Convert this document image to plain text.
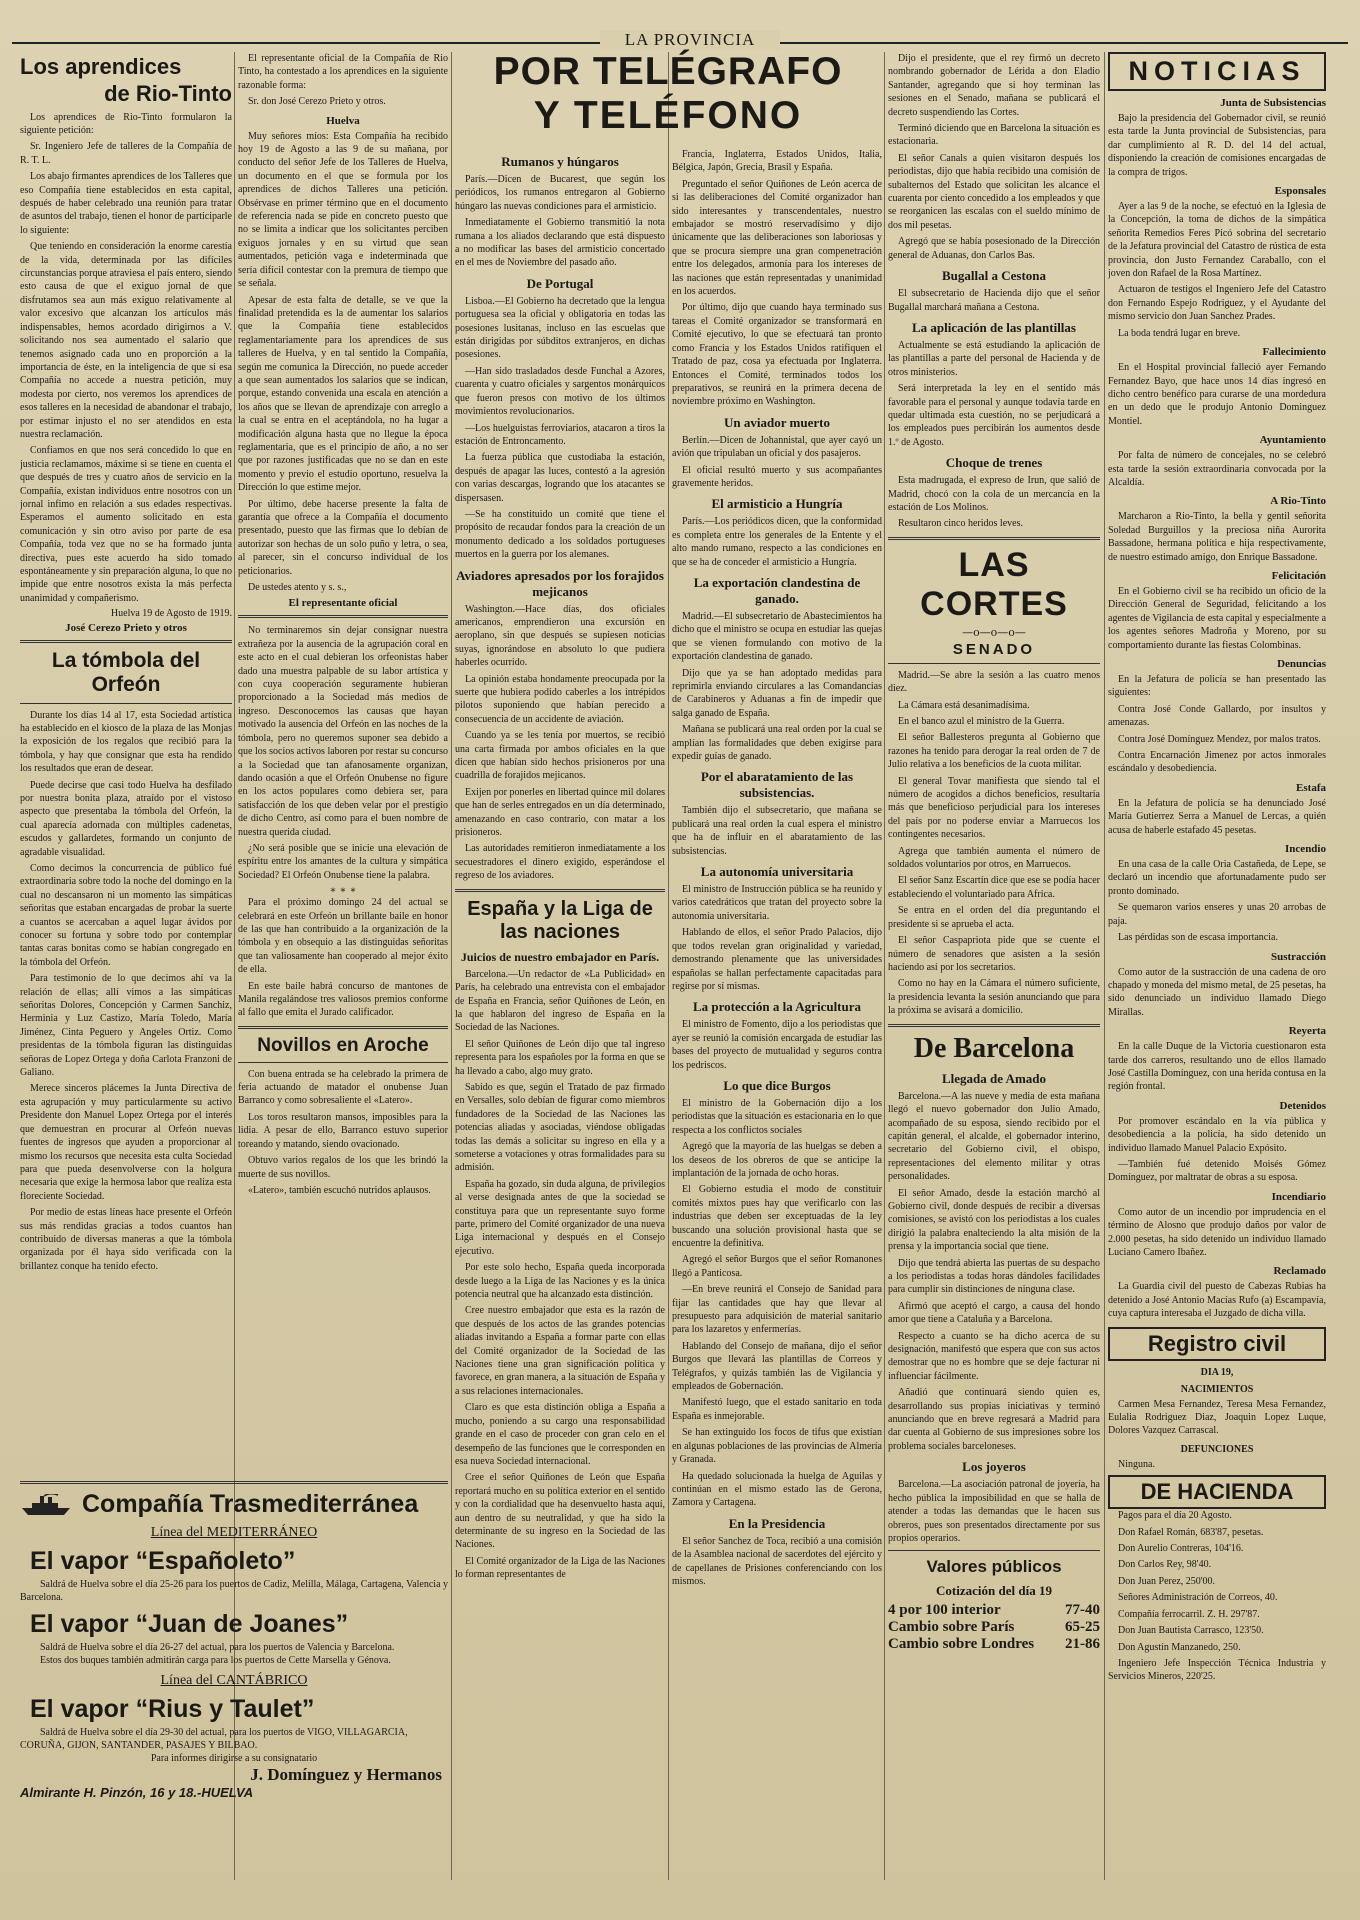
LA PROVINCIA
Los aprendices
de Rio-Tinto

Los aprendices de Rio-Tinto formularon la siguiente petición:

Sr. Ingeniero Jefe de talleres de la Compañía de R. T. L.

Los abajo firmantes aprendices de los Talleres que eso Compañía tiene establecidos en esta capital, después de haber celebrado una reunión para tratar de asuntos del trabajo, tienen el honor de participarle lo siguiente:

Que teniendo en consideración la enorme carestía de la vida, determinada por las difíciles circunstancias porque atraviesa el país entero, siendo esto causa de que el exiguo jornal de que disfrutamos sea aun más exiguo relativamente al valor excesivo que alcanzan los artículos más indispensables, hemos acordado dirigirnos a V. solicitando nos sea aumentado el salario que tenemos asignado cada uno en proporción a la importancia de éste, en la inteligencia de que si esa Compañía no accede a nuestra petición, muy modesta por cierto, nos veremos los aprendices de esos talleres en la necesidad de abandonar el trabajo, por estimar injusto el no ser atendidos en esta nuestra reclamación.

Confiamos en que nos será concedido lo que en justicia reclamamos, máxime si se tiene en cuenta el que después de tres y cuatro años de servicio en la Compañía, existan individuos entre nosotros con un jornal infimo en relación a sus edades respectivas. Esperamos el aumento solicitado en esta comunicación y sin otro aviso por parte de esa Compañía, toda vez que no se ha formado junta directiva, pues este acuerdo ha sido tomado espontáneamente y sin preparación alguna, lo que no impide que entre nosotros exista la más perfecta unanimidad y compañerismo.

Huelva 19 de Agosto de 1919.
José Cerezo Prieto y otros
La tómbola del Orfeón

Durante los días 14 al 17, esta Sociedad artística ha establecido en el kiosco de la plaza de las Monjas la exposición de los regalos que recibió para la tómbola, y hay que consignar que esta ha rendido los resultados que eran de desear.

Puede decirse que casi todo Huelva ha desfilado por nuestra bonita plaza, atraído por el vistoso aspecto que presentaba la tómbola del Orfeón, la cual aparecía adornada con múltiples cadenetas, escudos y gallardetes, formando un conjunto de agradable visualidad.

Como decimos la concurrencia de público fué extraordinaria sobre todo la noche del domingo en la cual no descansaron ni un momento las simpáticas señoritas que estaban encargadas de probar la suerte a cuantos se acercaban a aquel lugar ávidos por conocer su fortuna y sobre todo por contemplar tantas caras bonitas como se habían congregado en la tómbola del Orfeón.

Para testimonio de lo que decimos ahí va la relación de ellas; allí vimos a las simpáticas señoritas Dolores, Concepción y Carmen Sanchiz, Herminia y Luz Castizo, María Toledo, María Jiménez, Cinta Peguero y Angeles Ortiz. Como presidentas de la tómbola figuran las distinguidas señoras de Lopez Ortega y doña Carlota Franzoni de Galiano.

Merece sinceros plácemes la Junta Directiva de esta agrupación y muy particularmente su activo Presidente don Manuel Lopez Ortega por el interés que demuestran en procurar al Orfeón nuevas fuentes de ingresos que ayuden a proporcionar al mismo los recursos que necesita esta culta Sociedad para que pueda desenvolverse con la holgura necesaria que exige la hermosa labor que realiza esta floreciente Sociedad.

Por medio de estas líneas hace presente el Orfeón sus más rendidas gracias a todos cuantos han contribuido de diversas maneras a que la tómbola organizada por él haya sido verificada con la brillantez conque ha tenido efecto.

El representante oficial de la Compañía de Rio Tinto, ha contestado a los aprendices en la siguiente razonable forma:

Sr. don José Cerezo Prieto y otros.

Huelva

Muy señores míos: Esta Compañía ha recibido hoy 19 de Agosto a las 9 de su mañana, por conducto del señor Jefe de los Talleres de Huelva, un documento en el que se formula por los aprendices de dichos Talleres una petición. Obsérvase en primer término que en el documento de referencia nada se pide en concreto puesto que no se limita a indicar que los solicitantes perciben exiguos jornales y en su virtud que sean aumentados, petición vaga e indeterminada que sería difícil contestar con la premura de tiempo que se señala.

Apesar de esta falta de detalle, se ve que la finalidad pretendida es la de aumentar los salarios que la Compañía tiene establecidos reglamentariamente para los aprendices de sus talleres de Huelva, y en tal sentido la Compañía, según me comunica la Dirección, no puede acceder a que sean aumentados los salarios que se indican, porque, estando convenida una escala en atención a los años que se llevan de aprendizaje con arreglo a la cual se entra en el aceptándola, no ha lugar a modificación alguna hasta que no llegue la época reglamentaria, que es el principio de año, a no ser que por razones justificadas que no se dan en este momento y previo el estudio oportuno, resuelva la Dirección lo que estime mejor.

Por último, debe hacerse presente la falta de garantía que ofrece a la Compañía el documento presentado, puesto que las firmas que lo debían de autorizar son hechas de un solo puño y letra, o sea, al parecer, sin el concurso individual de los peticionarios.

De ustedes atento y s. s.,

El representante oficial

No terminaremos sin dejar consignar nuestra extrañeza por la ausencia de la agrupación coral en este acto en el cual debieran los orfeonistas haber dado una muestra palpable de su labor artística y con cuya cooperación seguramente hubieran proporcionado a la Sociedad más medios de ingreso. Desconocemos las causas que hayan motivado la ausencia del Orfeón en las noches de la tómbola, pero no queremos suponer sea debido a que los socios activos laboren por restar su concurso a la Sociedad que tan afanosamente organizan, dando ocasión a que el Orfeón Onubense no figure en los actos populares como debiera ser, para satisfacción de los que deben velar por el prestigio de dicho Centro, así como para el buen nombre de nuestra querida ciudad.

¿No será posible que se inicie una elevación de espíritu entre los amantes de la cultura y simpática Sociedad? El Orfeón Onubense tiene la palabra.

∗ ∗ ∗

Para el próximo domingo 24 del actual se celebrará en este Orfeón un brillante baile en honor de las que han contribuido a la organización de la tómbola y en obsequio a las distinguidas señoritas que tan valiosamente han cooperado al mejor éxito de ella.

En este baile habrá concurso de mantones de Manila regalándose tres valiosos premios conforme al fallo que emita el Jurado calificador.

Novillos en Aroche

Con buena entrada se ha celebrado la primera de feria actuando de matador el onubense Juan Barranco y como sobresaliente el «Latero».

Los toros resultaron mansos, imposibles para la lidia. A pesar de ello, Barranco estuvo superior toreando y matando, siendo ovacionado.

Obtuvo varios regalos de los que les brindó la muerte de sus novillos.

«Latero», también escuchó nutridos aplausos.

Compañía Trasmediterránea
Línea del MEDITERRÁNEO
El vapor “Españoleto”
Saldrá de Huelva sobre el día 25-26 para los puertos de Cadiz, Melilla, Málaga, Cartagena, Valencia y Barcelona.
El vapor “Juan de Joanes”
Saldrá de Huelva sobre el día 26-27 del actual, para los puertos de Valencia y Barcelona.
Estos dos buques también admitirán carga para los puertos de Cette Marsella y Génova.
Línea del CANTÁBRICO
El vapor “Rius y Taulet”
Saldrá de Huelva sobre el día 29-30 del actual, para los puertos de VIGO, VILLAGARCIA, CORUÑA, GIJON, SANTANDER, PASAJES Y BILBAO.
Para informes dirigirse a su consignatario
J. Domínguez y Hermanos
Almirante H. Pinzón, 16 y 18.-HUELVA
POR TELÉGRAFO
Y TELÉFONO
Rumanos y húngaros

París.—Dicen de Bucarest, que según los periódicos, los rumanos entregaron al Gobierno húngaro las nuevas condiciones para el armisticio.

Inmediatamente el Gobierno transmitió la nota rumana a los aliados declarando que está dispuesto a no modificar las bases del armisticio concertado en el mes de Noviembre del pasado año.

De Portugal

Lisboa.—El Gobierno ha decretado que la lengua portuguesa sea la oficial y obligatoria en todas las posesiones lusitanas, incluso en las escuelas que están dirigidas por súbditos extranjeros, en dichas posesiones.

—Han sido trasladados desde Funchal a Azores, cuarenta y cuatro oficiales y sargentos monárquicos que fueron presos con motivo de los últimos movimientos revolucionarios.

—Los huelguistas ferroviarios, atacaron a tiros la estación de Entroncamento.

La fuerza pública que custodiaba la estación, después de apagar las luces, contestó a la agresión con varias descargas, logrando que los atacantes se dispersasen.

—Se ha constituido un comité que tiene el propósito de recaudar fondos para la creación de un monumento dedicado a los soldados portugueses muertos en la guerra por los alemanes.

Aviadores apresados por los forajidos mejicanos

Washington.—Hace días, dos oficiales americanos, emprendieron una excursión en aeroplano, sin que después se supiesen noticias suyas, ignorándose en absoluto lo que pudiera haberles ocurrido.

La opinión estaba hondamente preocupada por la suerte que hubiera podido caberles a los intrépidos pilotos suponiendo que habían perecido a consecuencia de un accidente de aviación.

Cuando ya se les tenía por muertos, se recibió una carta firmada por ambos oficiales en la que dicen que habían sido hechos prisioneros por una cuadrilla de forajidos mejicanos.

Exijen por ponerles en libertad quince mil dolares que han de serles entregados en un día determinado, amenazando en caso contrario, con matar a los prisioneros.

Las autoridades remitieron inmediatamente a los secuestradores el dinero exigido, esperándose el regreso de los aviadores.

España y la Liga de las naciones
Juicios de nuestro embajador en París.

Barcelona.—Un redactor de «La Publicidad» en París, ha celebrado una entrevista con el embajador de España en Francia, señor Quiñones de León, en la que hablaron del ingreso de España en la Sociedad de las Naciones.

El señor Quiñones de León dijo que tal ingreso representa para los españoles por la forma en que se ha llevado a cabo, algo muy grato.

Sabido es que, según el Tratado de paz firmado en Versalles, solo debían de figurar como miembros fundadores de la Sociedad de las Naciones las potencias aliadas y asociadas, viéndose obligadas todas las demás a solicitar su ingreso en ella y a someterse a votaciones y otras formalidades para su admisión.

España ha gozado, sin duda alguna, de privilegios al verse designada antes de que la sociedad se constituya para que un representante suyo forme parte, primero del Comité organizador de una nueva Liga internacional y después en el Consejo ejecutivo.

Por este solo hecho, España queda incorporada desde luego a la Liga de las Naciones y es la única potencia neutral que ha alcanzado esta distinción.

Cree nuestro embajador que esta es la razón de que después de los actos de las grandes potencias aliadas invitando a España a formar parte con ellas del Comité organizador de la Sociedad de las Naciones tiene una gran significación política y favorece, en gran manera, a la situación de España y a sus relaciones internacionales.

Claro es que esta distinción obliga a España a mucho, poniendo a su cargo una responsabilidad grande en el caso de proceder con gran celo en el desempeño de las funciones que le corresponden en esa nueva Sociedad internacional.

Cree el señor Quiñones de León que España reportará mucho en su política exterior en el sentido y con la cordialidad que ha desenvuelto hasta aquí, aun dentro de su neutralidad, y que ha sido la determinante de su ingreso en la Sociedad de las Naciones.

El Comité organizador de la Liga de las Naciones lo forman representantes de

Francia, Inglaterra, Estados Unidos, Italia, Bélgica, Japón, Grecia, Brasil y España.

Preguntado el señor Quiñones de León acerca de si las deliberaciones del Comité organizador han sido interesantes y transcendentales, nuestro embajador se mostró reservadísimo y dijo únicamente que las deliberaciones son laboriosas y que se procura siempre una gran compenetración entre los delegados, armonía para los intereses de las naciones que están representadas y unanimidad en los acuerdos.

Por último, dijo que cuando haya terminado sus tareas el Comité organizador se transformará en Comité ejecutivo, lo que se efectuará tan pronto como Francia y los Estados Unidos ratifiquen el Tratado de paz, cosa ya efectuada por Inglaterra. Entonces el Comité, terminados todos los preparativos, se reunirá en la primera decena de noviembre próximo en Washington.

Un aviador muerto

Berlín.—Dicen de Johannistal, que ayer cayó un avión que tripulaban un oficial y dos pasajeros.

El oficial resultó muerto y sus acompañantes gravemente heridos.

El armisticio a Hungría

París.—Los periódicos dicen, que la conformidad es completa entre los generales de la Entente y el alto mando rumano, respecto a las condiciones en que se ha de conceder el armisticio a Hungría.

La exportación clandestina de ganado.

Madrid.—El subsecretario de Abastecimientos ha dicho que el ministro se ocupa en estudiar las quejas que se vienen formulando con motivo de la exportación clandestina de ganado.

Dijo que ya se han adoptado medidas para reprimirla enviando circulares a las Comandancias de Carabineros y Aduanas a fin de impedir que salga ganado de España.

Mañana se publicará una real orden por la cual se amplían las formalidades que deben exigirse para expedir guías de ganado.

Por el abaratamiento de las subsistencias.

También dijo el subsecretario, que mañana se publicará una real orden la cual espera el ministro que ha de influir en el abaratamiento de las subsistencias.

La autonomía universitaria

El ministro de Instrucción pública se ha reunido y varios catedráticos que tratan del proyecto sobre la autonomía universitaria.

Hablando de ellos, el señor Prado Palacios, dijo que todos revelan gran originalidad y variedad, demostrando plenamente que las universidades españolas se hallan perfectamente capacitadas para regirse por sí mismas.

La protección a la Agricultura

El ministro de Fomento, dijo a los periodistas que ayer se reunió la comisión encargada de estudiar las bases del proyecto de mutualidad y seguros contra los pedriscos.

Lo que dice Burgos

El ministro de la Gobernación dijo a los periodistas que la situación es estacionaria en lo que respecta a los conflictos sociales

Agregó que la mayoría de las huelgas se deben a los deseos de los obreros de que se anticipe la implantación de la jornada de ocho horas.

El Gobierno estudia el modo de constituir comités mixtos pues hay que verificarlo con las industrias que deben ser exceptuadas de la ley buscando una solución provisional hasta que se encuentre la definitiva.

Agregó el señor Burgos que el señor Romanones llegó a Panticosa.

—En breve reunirá el Consejo de Sanidad para fijar las cantidades que hay que llevar al presupuesto para adquisición de material sanitario para los lazaretos y enfermerías.

Hablando del Consejo de mañana, dijo el señor Burgos que llevará las plantillas de Correos y Telégrafos, y quizás también las de Vigilancia y empleados de Gobernación.

Manifestó luego, que el estado sanitario en toda España es inmejorable.

Se han extinguido los focos de tifus que existían en algunas poblaciones de las provincias de Almería y Granada.

Ha quedado solucionada la huelga de Aguilas y continúan en el mismo estado las de Gerona, Zamora y Cartagena.

En la Presidencia

El señor Sanchez de Toca, recibió a una comisión de la Asamblea nacional de sacerdotes del ejército y de capellanes de Prisiones conferenciando con los mismos.

Dijo el presidente, que el rey firmó un decreto nombrando gobernador de Lérida a don Eladio Santander, agregando que si hoy terminan las sesiones en el Senado, mañana se publicará el decreto suspendiendo las Cortes.

Terminó diciendo que en Barcelona la situación es estacionaria.

El señor Canals a quien visitaron después los periodistas, dijo que había recibido una comisión de subalternos del Estado que solicitan les alcance el cuarenta por ciento concedido a los empleados y que se reorganicen las escalas con el sueldo mínimo de dos mil pesetas.

Agregó que se había posesionado de la Dirección general de Aduanas, don Carlos Bas.

Bugallal a Cestona

El subsecretario de Hacienda dijo que el señor Bugallal marchará mañana a Cestona.

La aplicación de las plantillas

Actualmente se está estudiando la aplicación de las plantillas a parte del personal de Hacienda y de otros ministerios.

Será interpretada la ley en el sentido más favorable para el personal y aunque todavía tarde en quedar ultimada esta cuestión, no se perjudicará a los empleados pues percibirán los aumentos desde 1.º de Agosto.

Choque de trenes

Esta madrugada, el expreso de Irun, que salió de Madrid, chocó con la cola de un mercancía en la estación de Los Molinos.

Resultaron cinco heridos leves.

LAS CORTES
—o—o—o—
SENADO

Madrid.—Se abre la sesión a las cuatro menos diez.

La Cámara está desanimadísima.

En el banco azul el ministro de la Guerra.

El señor Ballesteros pregunta al Gobierno que razones ha tenido para derogar la real orden de 7 de Julio relativa a los beneficios de la cuota militar.

El general Tovar manifiesta que siendo tal el número de acogidos a dichos beneficios, resultaría más que beneficioso perjudicial para los intereses del país por no poderse enviar a Marruecos los contingentes necesarios.

Agrega que también aumenta el número de soldados voluntarios por otros, en Marruecos.

El señor Sanz Escartín dice que ese se podía hacer estableciendo el voluntariado para Africa.

Se entra en el orden del día preguntando el presidente si se aprueba el acta.

El señor Caspapriota pide que se cuente el número de senadores que asisten a la sesión haciendo así por los secretarios.

Como no hay en la Cámara el número suficiente, la presidencia levanta la sesión anunciando que para la próxima se avisará a domicilio.

De Barcelona
Llegada de Amado

Barcelona.—A las nueve y media de esta mañana llegó el nuevo gobernador don Julio Amado, acompañado de su esposa, siendo recibido por el capitán general, el alcalde, el gobernador interino, secretario del Gobierno civil, el obispo, representaciones del elemento militar y otras personalidades.

El señor Amado, desde la estación marchó al Gobierno civil, donde después de recibir a diversas comisiones, se avistó con los periodistas a los cuales dirigió la palabra enalteciendo la alta misión de la prensa y la importancia social que tiene.

Dijo que tendrá abierta las puertas de su despacho a los periodistas a todas horas dándoles facilidades para cumplir sin distinciones de ninguna clase.

Afirmó que aceptó el cargo, a causa del hondo amor que tiene a Cataluña y a Barcelona.

Respecto a cuanto se ha dicho acerca de su designación, manifestó que espera que con sus actos demostrar que no es hombre que se deje facturar ni influenciar fácilmente.

Añadió que continuará siendo quien es, desarrollando sus propias iniciativas y terminó anunciando que en breve regresará a Madrid para dar cuenta al Gobierno de sus impresiones sobre los problema sociales barceloneses.

Los joyeros

Barcelona.—La asociación patronal de joyería, ha hecho pública la imposibilidad en que se halla de atender a todas las demandas que le hacen sus obreros, pues son presentados directamente por sus propios operarios.

Valores públicos
Cotización del día 19
4 por 100 interior	77-40
Cambio sobre París	65-25
Cambio sobre Londres 21-86
NOTICIAS
Junta de Subsistencias

Bajo la presidencia del Gobernador civil, se reunió esta tarde la Junta provincial de Subsistencias, para dar cumplimiento al R. D. del 14 del actual, disponiendo la creación de comisiones encargadas de la compra de trigos.

Esponsales

Ayer a las 9 de la noche, se efectuó en la Iglesia de la Concepción, la toma de dichos de la simpática señorita Remedios Feres Picó sobrina del secretario de la Jefatura provincial del Catastro de rústica de esta provincia, don Justo Fernandez Caraballo, con el joven don Rafael de la Rosa Martínez.

Actuaron de testigos el Ingeniero Jefe del Catastro don Fernando Espejo Rodriguez, y el Ayudante del mismo servicio don Juan Sanchez Prades.

La boda tendrá lugar en breve.

Fallecimiento

En el Hospital provincial falleció ayer Fernando Fernandez Bayo, que hace unos 14 días ingresó en dicho centro benéfico para curarse de una mordedura en un dedo que le produjo Antonio Dominguez Montiel.

Ayuntamiento

Por falta de número de concejales, no se celebró esta tarde la sesión extraordinaria convocada por la Alcaldía.

A Rio-Tinto

Marcharon a Rio-Tinto, la bella y gentil señorita Soledad Burguillos y la preciosa niña Aurorita Bassadone, hermana política e hija respectivamente, de nuestro estimado amigo, don Enrique Bassadone.

Felicitación

En el Gobierno civil se ha recibido un oficio de la Dirección General de Seguridad, felicitando a los agentes de Vigilancia de esta capital y especialmente a los agentes señores Madroña y Moreno, por su comportamiento durante las fiestas Colombinas.

Denuncias

En la Jefatura de policía se han presentado las siguientes:

Contra José Conde Gallardo, por insultos y amenazas.

Contra José Domínguez Mendez, por malos tratos.

Contra Encarnación Jimenez por actos inmorales escándalo y desobediencia.

Estafa

En la Jefatura de policía se ha denunciado José María Gutierrez Serra a Manuel de Lercas, a quién acusa de haberle estafado 45 pesetas.

Incendio

En una casa de la calle Oria Castañeda, de Lepe, se declaró un incendio que afortunadamente pudo ser pronto dominado.

Se quemaron varios enseres y unas 20 arrobas de paja.

Las pérdidas son de escasa importancia.

Sustracción

Como autor de la sustracción de una cadena de oro chapado y moneda del mismo metal, de 25 pesetas, ha sido denunciado un individuo llamado Diego Mirallas.

Reyerta

En la calle Duque de la Victoria cuestionaron esta tarde dos carreros, resultando uno de ellos llamado José Castilla Domínguez, con una herida contusa en la región frontal.

Detenidos

Por promover escándalo en la vía pública y desobediencia a la policía, ha sido detenido un individuo llamado Manuel Palacio Expósito.

—También fué detenido Moisés Gómez Domínguez, por maltratar de obras a su esposa.

Incendiario

Como autor de un incendio por imprudencia en el término de Alosno que produjo daños por valor de 2.000 pesetas, ha sido detenido un individuo llamado Luciano Camero Ibañez.

Reclamado

La Guardia civil del puesto de Cabezas Rubias ha detenido a José Antonio Macías Rufo (a) Escampavía, cuya captura interesaba el Juzgado de dicha villa.

Registro civil
DIA 19,
NACIMIENTOS

Carmen Mesa Fernandez, Teresa Mesa Fernandez, Eulalia Rodriguez Diaz, Joaquin Lopez Luque, Dolores Vazquez Carrascal.

DEFUNCIONES

Ninguna.

DE HACIENDA

Pagos para el día 20 Agosto.

Don Rafael Román, 683'87, pesetas.

Don Aurelio Contreras, 104'16.

Don Carlos Rey, 98'40.

Don Juan Perez, 250'00.

Señores Administración de Correos, 40.

Compañía ferrocarril. Z. H. 297'87.

Don Juan Bautista Carrasco, 123'50.

Don Agustín Manzanedo, 250.

Ingeniero Jefe Inspección Técnica Industria y Servicios Mineros, 220'25.
